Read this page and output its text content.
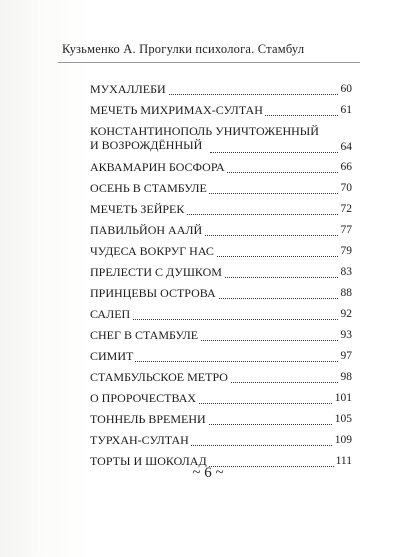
Кузьменко А. Прогулки психолога. Стамбул
МУХАЛЛЕБИ	60
МЕЧЕТЬ МИХРИМАХ-СУЛТАН	61
КОНСТАНТИНОПОЛЬ УНИЧТОЖЕННЫЙ
И ВОЗРОЖДЁННЫЙ	64
АКВАМАРИН БОСФОРА	66
ОСЕНЬ В СТАМБУЛЕ	70
МЕЧЕТЬ ЗЕЙРЕК	72
ПАВИЛЬЙОН ААЛЙ	77
ЧУДЕСА ВОКРУГ НАС	79
ПРЕЛЕСТИ С ДУШКОМ	83
ПРИНЦЕВЫ ОСТРОВА	88
САЛЕП	92
СНЕГ В СТАМБУЛЕ	93
СИМИТ	97
СТАМБУЛЬСКОЕ МЕТРО	98
О ПРОРОЧЕСТВАХ	101
ТОННЕЛЬ ВРЕМЕНИ	105
ТУРХАН-СУЛТАН	109
ТОРТЫ И ШОКОЛАД	111
~ 6 ~
